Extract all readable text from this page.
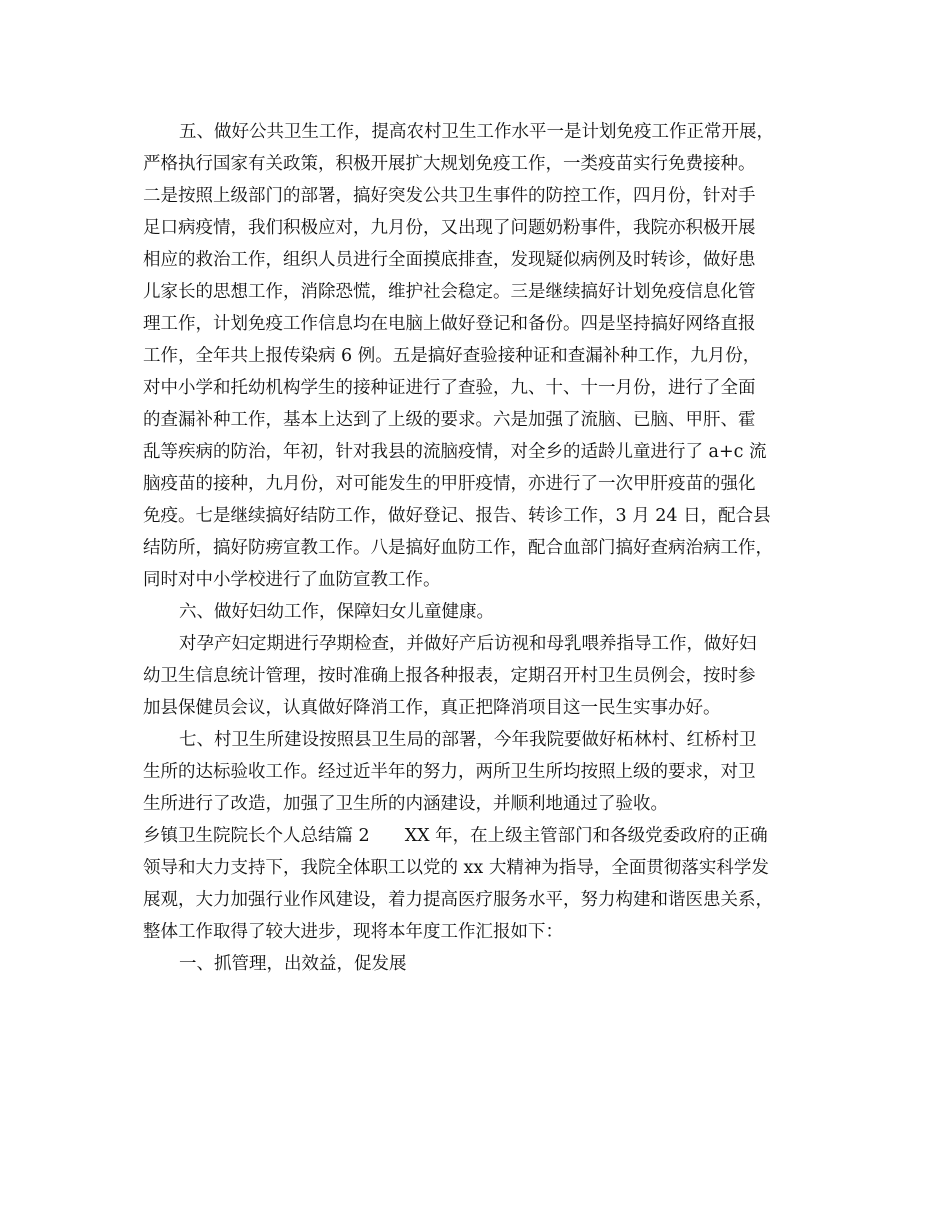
五、做好公共卫生工作，提高农村卫生工作水平一是计划免疫工作正常开展，
严格执行国家有关政策，积极开展扩大规划免疫工作，一类疫苗实行免费接种。
二是按照上级部门的部署，搞好突发公共卫生事件的防控工作，四月份，针对手
足口病疫情，我们积极应对，九月份，又出现了问题奶粉事件，我院亦积极开展
相应的救治工作，组织人员进行全面摸底排查，发现疑似病例及时转诊，做好患
儿家长的思想工作，消除恐慌，维护社会稳定。三是继续搞好计划免疫信息化管
理工作，计划免疫工作信息均在电脑上做好登记和备份。四是坚持搞好网络直报
工作，全年共上报传染病 6 例。五是搞好查验接种证和查漏补种工作，九月份，
对中小学和托幼机构学生的接种证进行了查验，九、十、十一月份，进行了全面
的查漏补种工作，基本上达到了上级的要求。六是加强了流脑、已脑、甲肝、霍
乱等疾病的防治，年初，针对我县的流脑疫情，对全乡的适龄儿童进行了 a+c 流
脑疫苗的接种，九月份，对可能发生的甲肝疫情，亦进行了一次甲肝疫苗的强化
免疫。七是继续搞好结防工作，做好登记、报告、转诊工作，3 月 24 日，配合县
结防所，搞好防痨宣教工作。八是搞好血防工作，配合血部门搞好查病治病工作，
同时对中小学校进行了血防宣教工作。
六、做好妇幼工作，保障妇女儿童健康。
对孕产妇定期进行孕期检查，并做好产后访视和母乳喂养指导工作，做好妇
幼卫生信息统计管理，按时准确上报各种报表，定期召开村卫生员例会，按时参
加县保健员会议，认真做好降消工作，真正把降消项目这一民生实事办好。
七、村卫生所建设按照县卫生局的部署，今年我院要做好柘林村、红桥村卫
生所的达标验收工作。经过近半年的努力，两所卫生所均按照上级的要求，对卫
生所进行了改造，加强了卫生所的内涵建设，并顺利地通过了验收。
乡镇卫生院院长个人总结篇 2　　XX 年，在上级主管部门和各级党委政府的正确
领导和大力支持下，我院全体职工以党的 xx 大精神为指导，全面贯彻落实科学发
展观，大力加强行业作风建设，着力提高医疗服务水平，努力构建和谐医患关系，
整体工作取得了较大进步，现将本年度工作汇报如下：
一、抓管理，出效益，促发展
